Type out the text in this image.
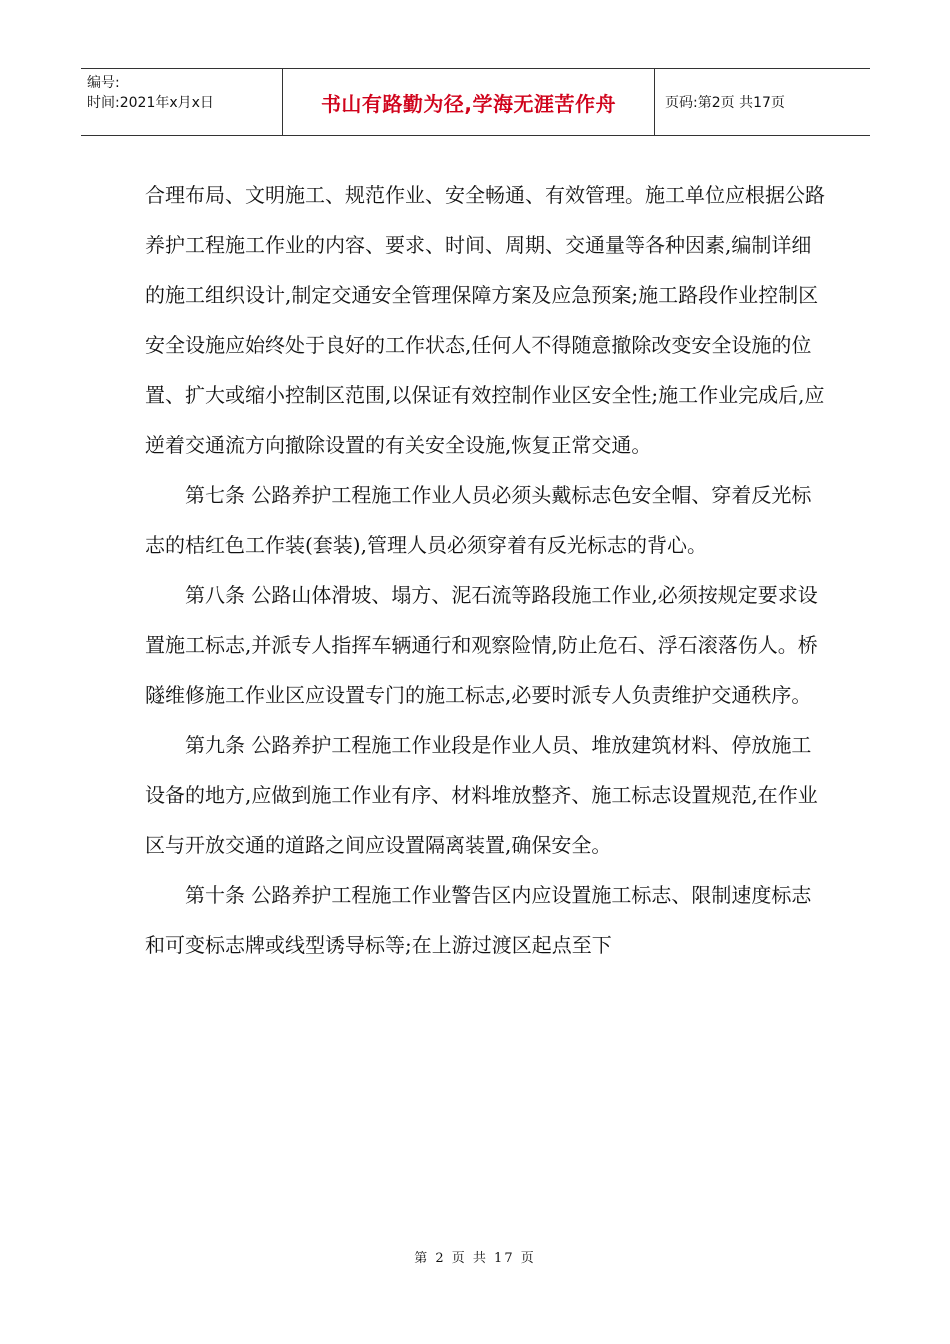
编号:
时间:2021年x月x日	书山有路勤为径,学海无涯苦作舟	页码:第2页 共17页

合理布局、文明施工、规范作业、安全畅通、有效管理。施工单位应根据公路养护工程施工作业的内容、要求、时间、周期、交通量等各种因素,编制详细的施工组织设计,制定交通安全管理保障方案及应急预案;施工路段作业控制区安全设施应始终处于良好的工作状态,任何人不得随意撤除改变安全设施的位置、扩大或缩小控制区范围,以保证有效控制作业区安全性;施工作业完成后,应逆着交通流方向撤除设置的有关安全设施,恢复正常交通。

第七条 公路养护工程施工作业人员必须头戴标志色安全帽、穿着反光标志的桔红色工作装(套装),管理人员必须穿着有反光标志的背心。

第八条 公路山体滑坡、塌方、泥石流等路段施工作业,必须按规定要求设置施工标志,并派专人指挥车辆通行和观察险情,防止危石、浮石滚落伤人。桥隧维修施工作业区应设置专门的施工标志,必要时派专人负责维护交通秩序。

第九条 公路养护工程施工作业段是作业人员、堆放建筑材料、停放施工设备的地方,应做到施工作业有序、材料堆放整齐、施工标志设置规范,在作业区与开放交通的道路之间应设置隔离装置,确保安全。

第十条 公路养护工程施工作业警告区内应设置施工标志、限制速度标志和可变标志牌或线型诱导标等;在上游过渡区起点至下

第 2 页 共 17 页
